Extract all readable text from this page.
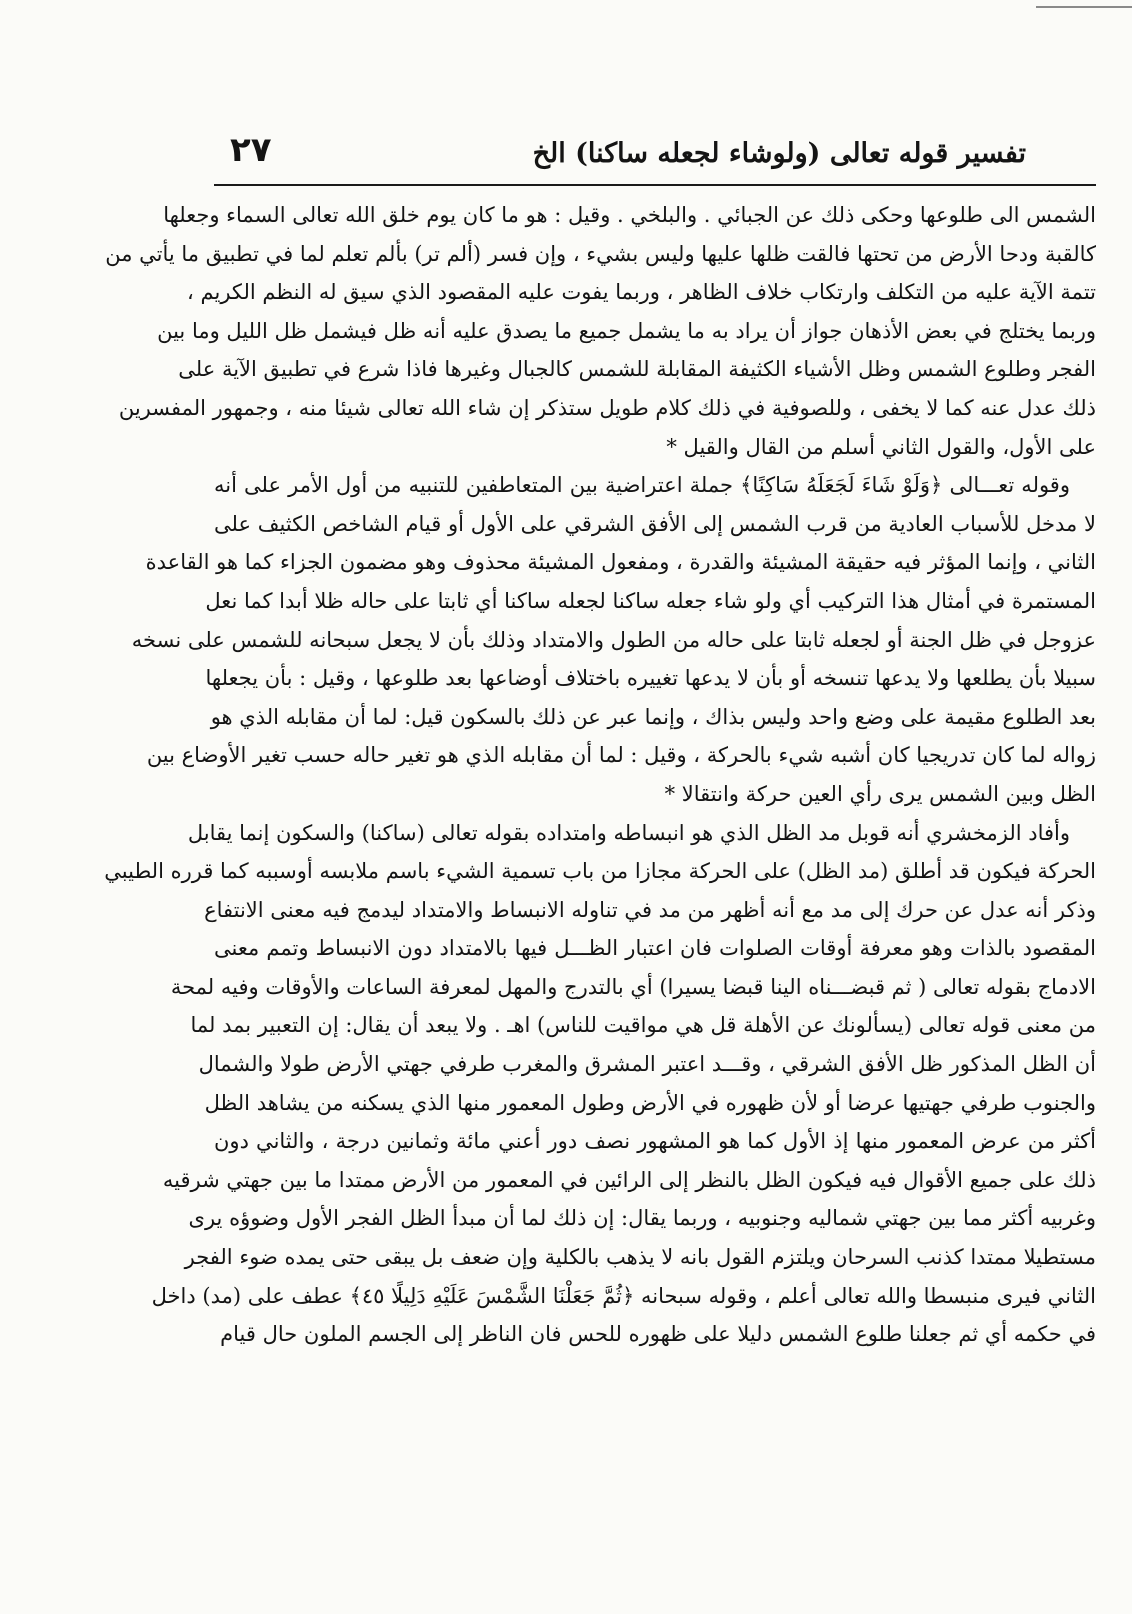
تفسير قوله تعالى (ولوشاء لجعله ساكنا) الخ
٢٧
الشمس الى طلوعها وحكى ذلك عن الجبائي . والبلخي . وقيل : هو ما كان يوم خلق الله تعالى السماء وجعلها
كالقبة ودحا الأرض من تحتها فالقت ظلها عليها وليس بشيء ، وإن فسر (ألم تر) بألم تعلم لما في تطبيق ما يأتي من
تتمة الآية عليه من التكلف وارتكاب خلاف الظاهر ، وربما يفوت عليه المقصود الذي سيق له النظم الكريم ،
وربما يختلج في بعض الأذهان جواز أن يراد به ما يشمل جميع ما يصدق عليه أنه ظل فيشمل ظل الليل وما بين
الفجر وطلوع الشمس وظل الأشياء الكثيفة المقابلة للشمس كالجبال وغيرها فاذا شرع في تطبيق الآية على
ذلك عدل عنه كما لا يخفى ، وللصوفية في ذلك كلام طويل ستذكر إن شاء الله تعالى شيئا منه ، وجمهور المفسرين
على الأول، والقول الثاني أسلم من القال والقيل *
وقوله تعـــالى ﴿وَلَوْ شَاءَ لَجَعَلَهُ سَاكِنًا﴾ جملة اعتراضية بين المتعاطفين للتنبيه من أول الأمر على أنه
لا مدخل للأسباب العادية من قرب الشمس إلى الأفق الشرقي على الأول أو قيام الشاخص الكثيف على
الثاني ، وإنما المؤثر فيه حقيقة المشيئة والقدرة ، ومفعول المشيئة محذوف وهو مضمون الجزاء كما هو القاعدة
المستمرة في أمثال هذا التركيب أي ولو شاء جعله ساكنا لجعله ساكنا أي ثابتا على حاله ظلا أبدا كما نعل
عزوجل في ظل الجنة أو لجعله ثابتا على حاله من الطول والامتداد وذلك بأن لا يجعل سبحانه للشمس على نسخه
سبيلا بأن يطلعها ولا يدعها تنسخه أو بأن لا يدعها تغييره باختلاف أوضاعها بعد طلوعها ، وقيل : بأن يجعلها
بعد الطلوع مقيمة على وضع واحد وليس بذاك ، وإنما عبر عن ذلك بالسكون قيل: لما أن مقابله الذي هو
زواله لما كان تدريجيا كان أشبه شيء بالحركة ، وقيل : لما أن مقابله الذي هو تغير حاله حسب تغير الأوضاع بين
الظل وبين الشمس يرى رأي العين حركة وانتقالا *
وأفاد الزمخشري أنه قوبل مد الظل الذي هو انبساطه وامتداده بقوله تعالى (ساكنا) والسكون إنما يقابل
الحركة فيكون قد أطلق (مد الظل) على الحركة مجازا من باب تسمية الشيء باسم ملابسه أوسببه كما قرره الطيبي
وذكر أنه عدل عن حرك إلى مد مع أنه أظهر من مد في تناوله الانبساط والامتداد ليدمج فيه معنى الانتفاع
المقصود بالذات وهو معرفة أوقات الصلوات فان اعتبار الظـــل فيها بالامتداد دون الانبساط وتمم معنى
الادماج بقوله تعالى ( ثم قبضـــناه الينا قبضا يسيرا) أي بالتدرج والمهل لمعرفة الساعات والأوقات وفيه لمحة
من معنى قوله تعالى (يسألونك عن الأهلة قل هي مواقيت للناس) اهـ . ولا يبعد أن يقال: إن التعبير بمد لما
أن الظل المذكور ظل الأفق الشرقي ، وقـــد اعتبر المشرق والمغرب طرفي جهتي الأرض طولا والشمال
والجنوب طرفي جهتيها عرضا أو لأن ظهوره في الأرض وطول المعمور منها الذي يسكنه من يشاهد الظل
أكثر من عرض المعمور منها إذ الأول كما هو المشهور نصف دور أعني مائة وثمانين درجة ، والثاني دون
ذلك على جميع الأقوال فيه فيكون الظل بالنظر إلى الرائين في المعمور من الأرض ممتدا ما بين جهتي شرقيه
وغربيه أكثر مما بين جهتي شماليه وجنوبيه ، وربما يقال: إن ذلك لما أن مبدأ الظل الفجر الأول وضوؤه يرى
مستطيلا ممتدا كذنب السرحان ويلتزم القول بانه لا يذهب بالكلية وإن ضعف بل يبقى حتى يمده ضوء الفجر
الثاني فيرى منبسطا والله تعالى أعلم ، وقوله سبحانه ﴿ثُمَّ جَعَلْنَا الشَّمْسَ عَلَيْهِ دَلِيلًا ٤٥﴾ عطف على (مد) داخل
في حكمه أي ثم جعلنا طلوع الشمس دليلا على ظهوره للحس فان الناظر إلى الجسم الملون حال قيام
